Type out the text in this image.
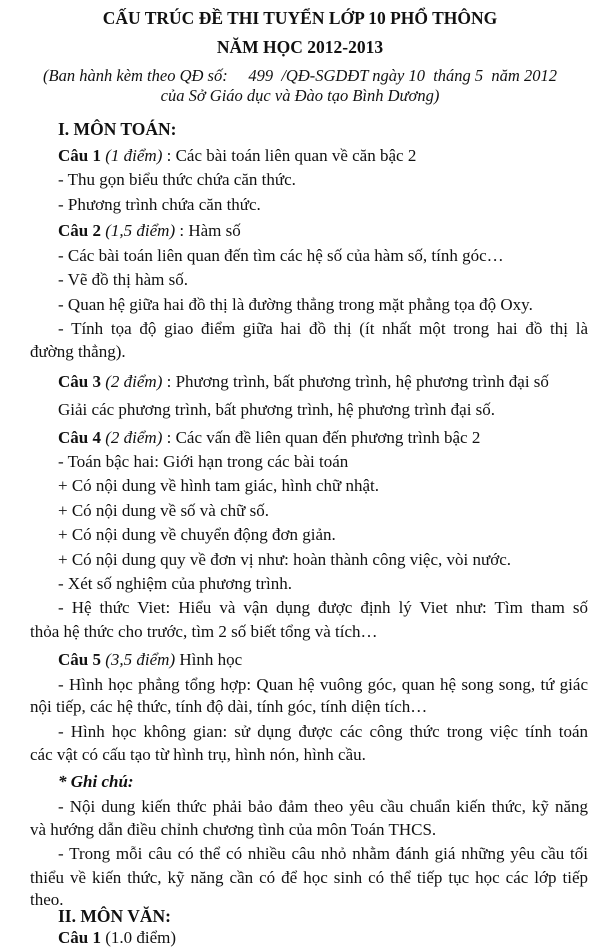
CẤU TRÚC ĐỀ THI TUYỂN LỚP 10 PHỔ THÔNG
NĂM HỌC 2012-2013
(Ban hành kèm theo QĐ số:     499  /QĐ-SGDĐT ngày 10  tháng 5  năm 2012
của Sở Giáo dục và Đào tạo Bình Dương)
I. MÔN TOÁN:
Câu 1 (1 điểm) : Các bài toán liên quan về căn bậc 2
- Thu gọn biểu thức chứa căn thức.
- Phương trình chứa căn thức.
Câu 2 (1,5 điểm) : Hàm số
- Các bài toán liên quan đến tìm các hệ số của hàm số, tính góc…
- Vẽ đồ thị hàm số.
- Quan hệ giữa hai đồ thị là đường thẳng trong mặt phẳng tọa độ Oxy.
- Tính tọa độ giao điểm giữa hai đồ thị (ít nhất một trong hai đồ thị là
đường thẳng).
Câu 3 (2 điểm) : Phương trình, bất phương trình, hệ phương trình đại số
Giải các phương trình, bất phương trình, hệ phương trình đại số.
Câu 4 (2 điểm) : Các vấn đề liên quan đến phương trình bậc 2
- Toán bậc hai: Giới hạn trong các bài toán
+ Có nội dung về hình tam giác, hình chữ nhật.
+ Có nội dung về số và chữ số.
+ Có nội dung về chuyển động đơn giản.
+ Có nội dung quy về đơn vị như: hoàn thành công việc, vòi nước.
- Xét số nghiệm của phương trình.
- Hệ thức Viet: Hiểu và vận dụng được định lý Viet như: Tìm tham số
thỏa hệ thức cho trước, tìm 2 số biết tổng và tích…
Câu 5 (3,5 điểm) Hình học
- Hình học phẳng tổng hợp: Quan hệ vuông góc, quan hệ song song, tứ giác
nội tiếp, các hệ thức, tính độ dài, tính góc, tính diện tích…
- Hình học không gian: sử dụng được các công thức trong việc tính toán
các vật có cấu tạo từ hình trụ, hình nón, hình cầu.
* Ghi chú:
- Nội dung kiến thức phải bảo đảm theo yêu cầu chuẩn kiến thức, kỹ năng
và hướng dẫn điều chỉnh chương tình của môn Toán THCS.
- Trong mỗi câu có thể có nhiều câu nhỏ nhằm đánh giá những yêu cầu tối
thiểu về kiến thức, kỹ năng cần có để học sinh có thể tiếp tục học các lớp tiếp
theo.
II. MÔN VĂN:
Câu 1 (1.0 điểm)
